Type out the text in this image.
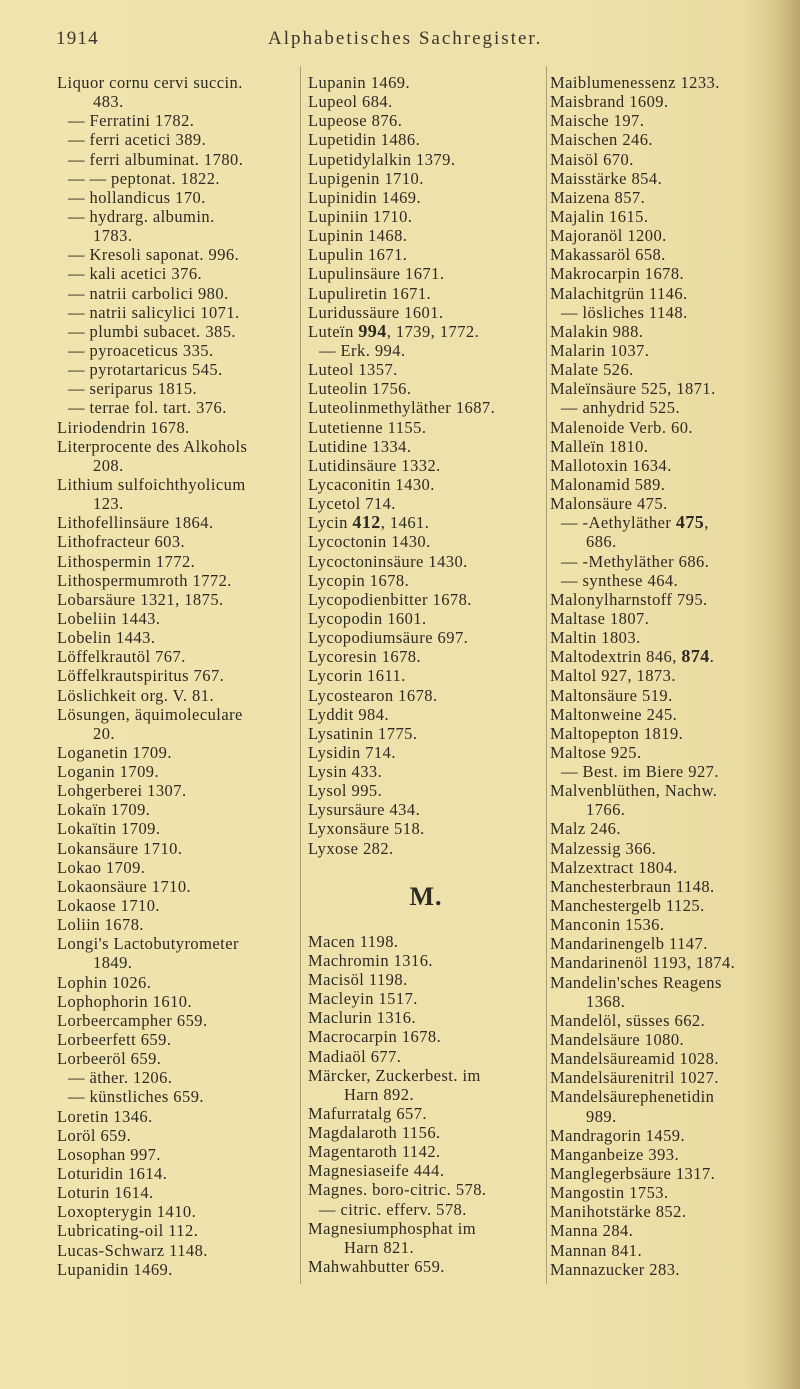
1914	Alphabetisches Sachregister.
Liquor cornu cervi succin.
483.
— Ferratini 1782.
— ferri acetici 389.
— ferri albuminat. 1780.
— — peptonat. 1822.
— hollandicus 170.
— hydrarg. albumin.
1783.
— Kresoli saponat. 996.
— kali acetici 376.
— natrii carbolici 980.
— natrii salicylici 1071.
— plumbi subacet. 385.
— pyroaceticus 335.
— pyrotartaricus 545.
— seriparus 1815.
— terrae fol. tart. 376.
Liriodendrin 1678.
Literprocente des Alkohols
208.
Lithium sulfoichthyolicum
123.
Lithofellinsäure 1864.
Lithofracteur 603.
Lithospermin 1772.
Lithospermumroth 1772.
Lobarsäure 1321, 1875.
Lobeliin 1443.
Lobelin 1443.
Löffelkrautöl 767.
Löffelkrautspiritus 767.
Löslichkeit org. V. 81.
Lösungen, äquimoleculare
20.
Loganetin 1709.
Loganin 1709.
Lohgerberei 1307.
Lokaïn 1709.
Lokaïtin 1709.
Lokansäure 1710.
Lokao 1709.
Lokaonsäure 1710.
Lokaose 1710.
Loliin 1678.
Longi's Lactobutyrometer
1849.
Lophin 1026.
Lophophorin 1610.
Lorbeercampher 659.
Lorbeerfett 659.
Lorbeeröl 659.
— äther. 1206.
— künstliches 659.
Loretin 1346.
Loröl 659.
Losophan 997.
Loturidin 1614.
Loturin 1614.
Loxopterygin 1410.
Lubricating-oil 112.
Lucas-Schwarz 1148.
Lupanidin 1469.
Lupanin 1469.
Lupeol 684.
Lupeose 876.
Lupetidin 1486.
Lupetidylalkin 1379.
Lupigenin 1710.
Lupinidin 1469.
Lupiniin 1710.
Lupinin 1468.
Lupulin 1671.
Lupulinsäure 1671.
Lupuliretin 1671.
Luridussäure 1601.
Luteïn 994, 1739, 1772.
— Erk. 994.
Luteol 1357.
Luteolin 1756.
Luteolinmethyläther 1687.
Lutetienne 1155.
Lutidine 1334.
Lutidinsäure 1332.
Lycaconitin 1430.
Lycetol 714.
Lycin 412, 1461.
Lycoctonin 1430.
Lycoctoninsäure 1430.
Lycopin 1678.
Lycopodienbitter 1678.
Lycopodin 1601.
Lycopodiumsäure 697.
Lycoresin 1678.
Lycorin 1611.
Lycostearon 1678.
Lyddit 984.
Lysatinin 1775.
Lysidin 714.
Lysin 433.
Lysol 995.
Lysursäure 434.
Lyxonsäure 518.
Lyxose 282.
M.
Macen 1198.
Machromin 1316.
Macisöl 1198.
Macleyin 1517.
Maclurin 1316.
Macrocarpin 1678.
Madiaöl 677.
Märcker, Zuckerbest. im
Harn 892.
Mafurratalg 657.
Magdalaroth 1156.
Magentaroth 1142.
Magnesiaseife 444.
Magnes. boro-citric. 578.
— citric. efferv. 578.
Magnesiumphosphat im
Harn 821.
Mahwahbutter 659.
Maiblumenessenz 1233.
Maisbrand 1609.
Maische 197.
Maischen 246.
Maisöl 670.
Maisstärke 854.
Maizena 857.
Majalin 1615.
Majoranöl 1200.
Makassaröl 658.
Makrocarpin 1678.
Malachitgrün 1146.
— lösliches 1148.
Malakin 988.
Malarin 1037.
Malate 526.
Maleïnsäure 525, 1871.
— anhydrid 525.
Malenoide Verb. 60.
Malleïn 1810.
Mallotoxin 1634.
Malonamid 589.
Malonsäure 475.
— -Aethyläther 475,
686.
— -Methyläther 686.
— synthese 464.
Malonylharnstoff 795.
Maltase 1807.
Maltin 1803.
Maltodextrin 846, 874.
Maltol 927, 1873.
Maltonsäure 519.
Maltonweine 245.
Maltopepton 1819.
Maltose 925.
— Best. im Biere 927.
Malvenblüthen, Nachw.
1766.
Malz 246.
Malzessig 366.
Malzextract 1804.
Manchesterbraun 1148.
Manchestergelb 1125.
Manconin 1536.
Mandarinengelb 1147.
Mandarinenöl 1193, 1874.
Mandelin'sches Reagens
1368.
Mandelöl, süsses 662.
Mandelsäure 1080.
Mandelsäureamid 1028.
Mandelsäurenitril 1027.
Mandelsäurephenetidin
989.
Mandragorin 1459.
Manganbeize 393.
Manglegerbsäure 1317.
Mangostin 1753.
Manihotstärke 852.
Manna 284.
Mannan 841.
Mannazucker 283.
